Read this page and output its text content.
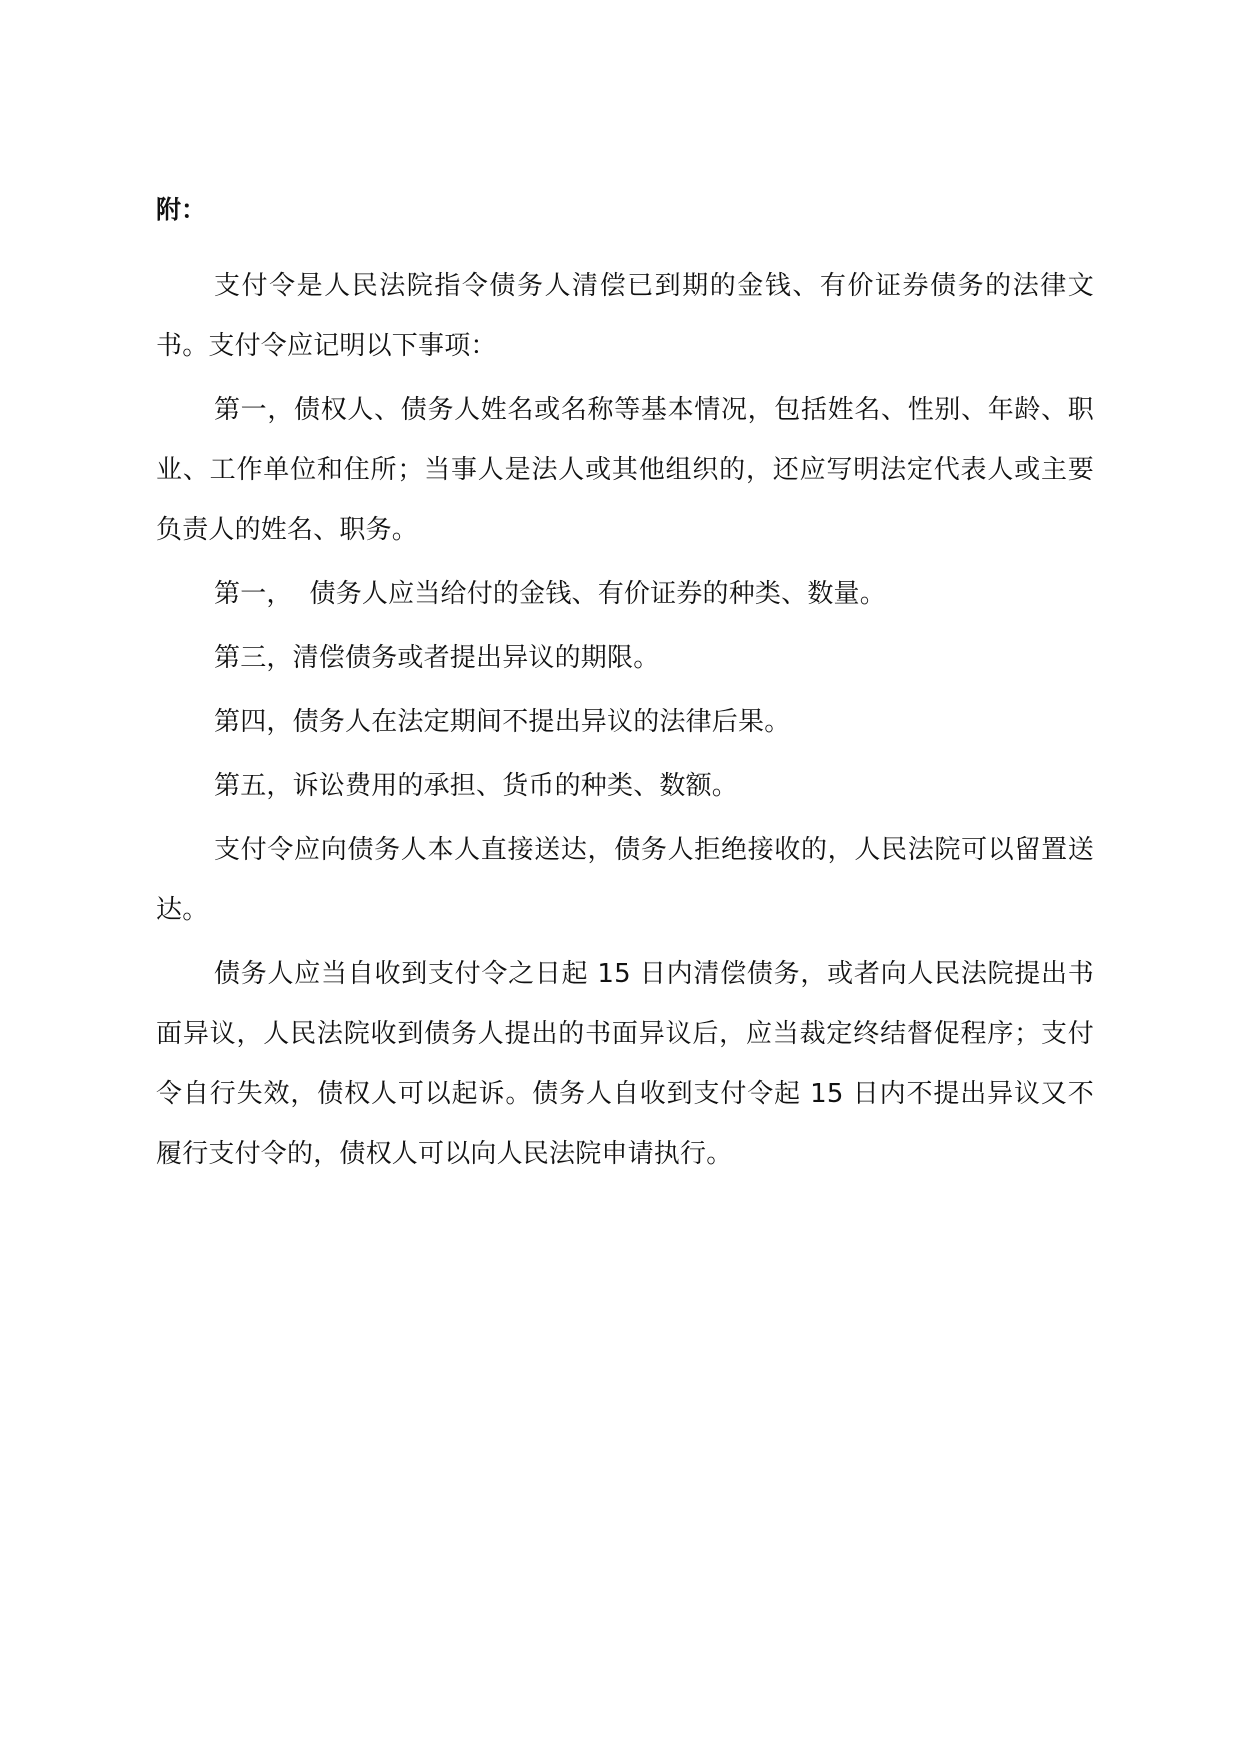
附：

支付令是人民法院指令债务人清偿已到期的金钱、有价证券债务的法律文书。支付令应记明以下事项：

第一，债权人、债务人姓名或名称等基本情况，包括姓名、性别、年龄、职业、工作单位和住所；当事人是法人或其他组织的，还应写明法定代表人或主要负责人的姓名、职务。

第一，  债务人应当给付的金钱、有价证券的种类、数量。

第三，清偿债务或者提出异议的期限。

第四，债务人在法定期间不提出异议的法律后果。

第五，诉讼费用的承担、货币的种类、数额。

支付令应向债务人本人直接送达，债务人拒绝接收的，人民法院可以留置送达。

债务人应当自收到支付令之日起 15 日内清偿债务，或者向人民法院提出书面异议，人民法院收到债务人提出的书面异议后，应当裁定终结督促程序；支付令自行失效，债权人可以起诉。债务人自收到支付令起 15 日内不提出异议又不履行支付令的，债权人可以向人民法院申请执行。
